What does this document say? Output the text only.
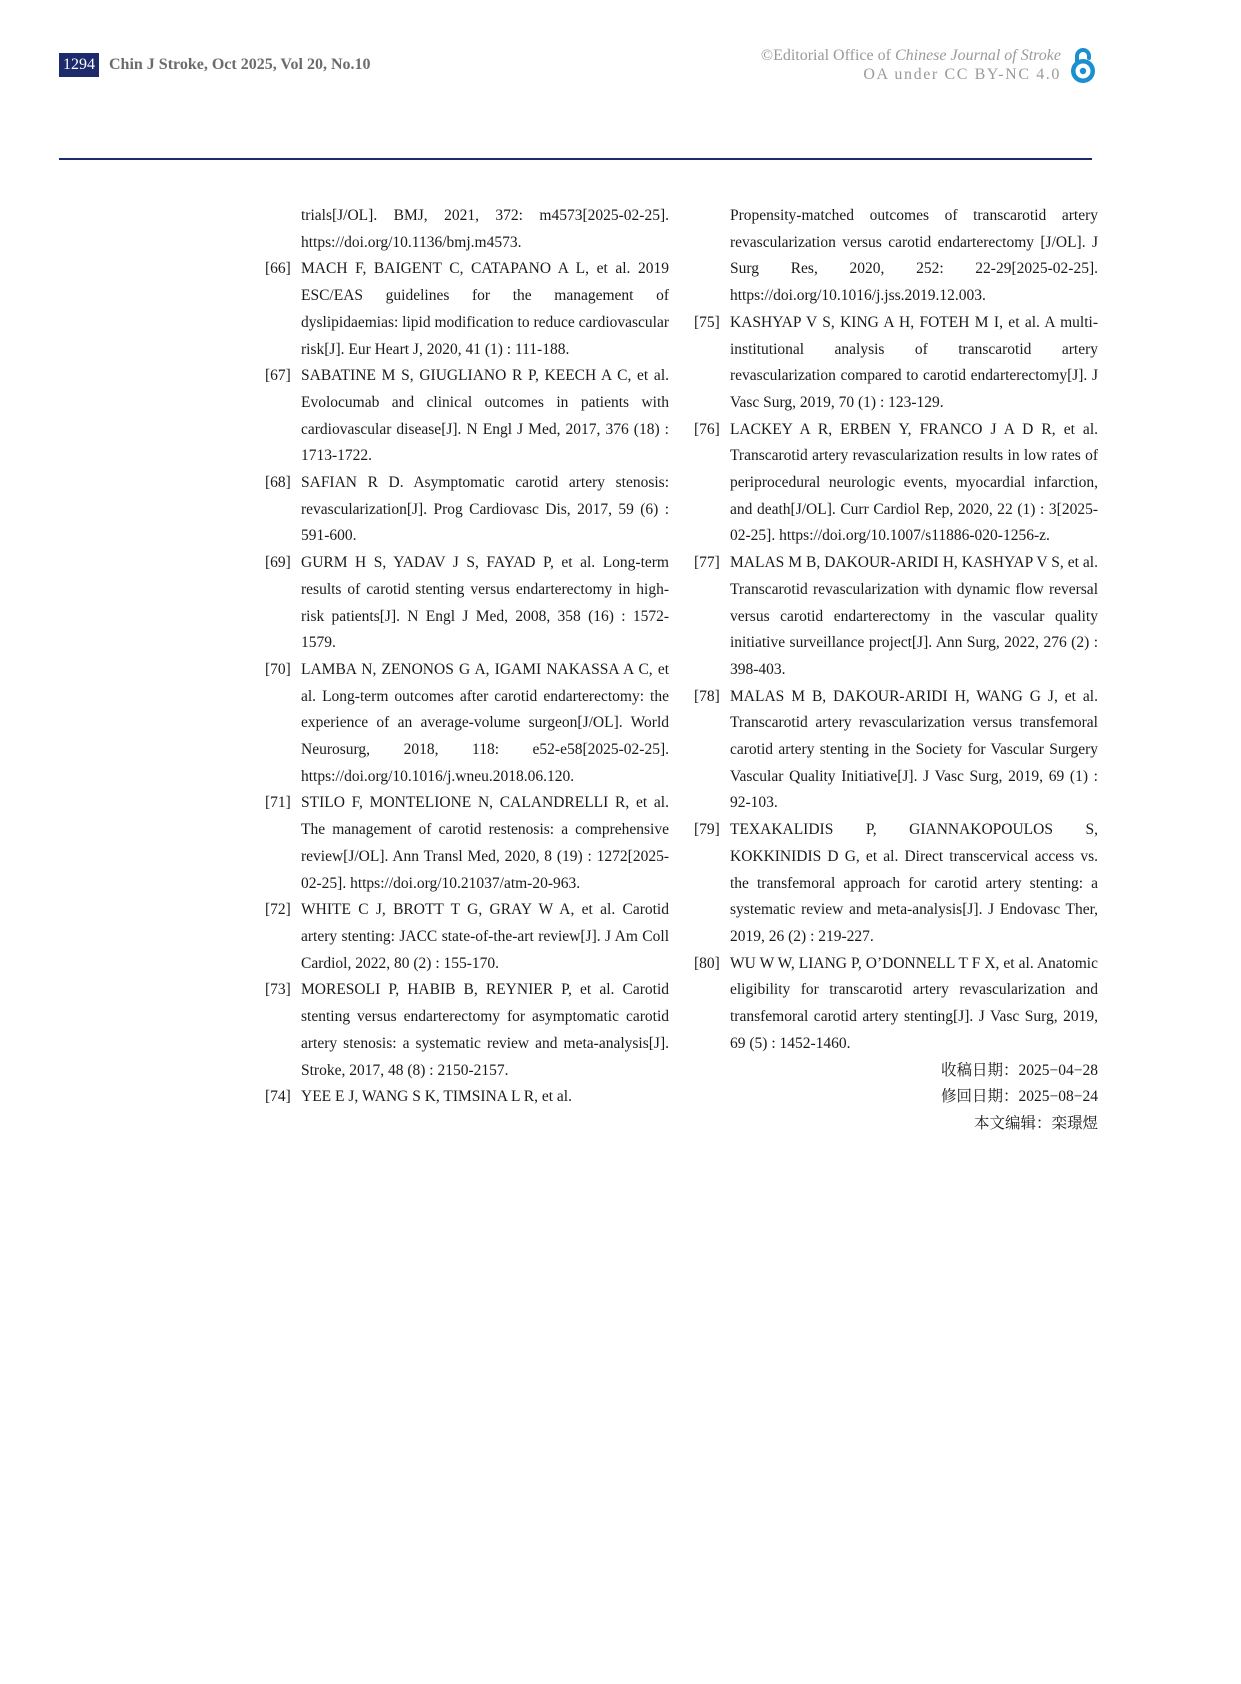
1294 Chin J Stroke, Oct 2025, Vol 20, No.10
©Editorial Office of Chinese Journal of Stroke
OA under CC BY-NC 4.0
trials[J/OL]. BMJ, 2021, 372: m4573[2025-02-25]. https://doi.org/10.1136/bmj.m4573.
[66] MACH F, BAIGENT C, CATAPANO A L, et al. 2019 ESC/EAS guidelines for the management of dyslipidaemias: lipid modification to reduce cardiovascular risk[J]. Eur Heart J, 2020, 41 (1) : 111-188.
[67] SABATINE M S, GIUGLIANO R P, KEECH A C, et al. Evolocumab and clinical outcomes in patients with cardiovascular disease[J]. N Engl J Med, 2017, 376 (18) : 1713-1722.
[68] SAFIAN R D. Asymptomatic carotid artery stenosis: revascularization[J]. Prog Cardiovasc Dis, 2017, 59 (6) : 591-600.
[69] GURM H S, YADAV J S, FAYAD P, et al. Long-term results of carotid stenting versus endarterectomy in high-risk patients[J]. N Engl J Med, 2008, 358 (16) : 1572-1579.
[70] LAMBA N, ZENONOS G A, IGAMI NAKASSA A C, et al. Long-term outcomes after carotid endarterectomy: the experience of an average-volume surgeon[J/OL]. World Neurosurg, 2018, 118: e52-e58[2025-02-25]. https://doi.org/10.1016/j.wneu.2018.06.120.
[71] STILO F, MONTELIONE N, CALANDRELLI R, et al. The management of carotid restenosis: a comprehensive review[J/OL]. Ann Transl Med, 2020, 8 (19) : 1272[2025-02-25]. https://doi.org/10.21037/atm-20-963.
[72] WHITE C J, BROTT T G, GRAY W A, et al. Carotid artery stenting: JACC state-of-the-art review[J]. J Am Coll Cardiol, 2022, 80 (2) : 155-170.
[73] MORESOLI P, HABIB B, REYNIER P, et al. Carotid stenting versus endarterectomy for asymptomatic carotid artery stenosis: a systematic review and meta-analysis[J]. Stroke, 2017, 48 (8) : 2150-2157.
[74] YEE E J, WANG S K, TIMSINA L R, et al.
Propensity-matched outcomes of transcarotid artery revascularization versus carotid endarterectomy [J/OL]. J Surg Res, 2020, 252: 22-29[2025-02-25]. https://doi.org/10.1016/j.jss.2019.12.003.
[75] KASHYAP V S, KING A H, FOTEH M I, et al. A multi-institutional analysis of transcarotid artery revascularization compared to carotid endarterectomy[J]. J Vasc Surg, 2019, 70 (1) : 123-129.
[76] LACKEY A R, ERBEN Y, FRANCO J A D R, et al. Transcarotid artery revascularization results in low rates of periprocedural neurologic events, myocardial infarction, and death[J/OL]. Curr Cardiol Rep, 2020, 22 (1) : 3[2025-02-25]. https://doi.org/10.1007/s11886-020-1256-z.
[77] MALAS M B, DAKOUR-ARIDI H, KASHYAP V S, et al. Transcarotid revascularization with dynamic flow reversal versus carotid endarterectomy in the vascular quality initiative surveillance project[J]. Ann Surg, 2022, 276 (2) : 398-403.
[78] MALAS M B, DAKOUR-ARIDI H, WANG G J, et al. Transcarotid artery revascularization versus transfemoral carotid artery stenting in the Society for Vascular Surgery Vascular Quality Initiative[J]. J Vasc Surg, 2019, 69 (1) : 92-103.
[79] TEXAKALIDIS P, GIANNAKOPOULOS S, KOKKINIDIS D G, et al. Direct transcervical access vs. the transfemoral approach for carotid artery stenting: a systematic review and meta-analysis[J]. J Endovasc Ther, 2019, 26 (2) : 219-227.
[80] WU W W, LIANG P, O’DONNELL T F X, et al. Anatomic eligibility for transcarotid artery revascularization and transfemoral carotid artery stenting[J]. J Vasc Surg, 2019, 69 (5) : 1452-1460.
收稿日期：2025−04−28
修回日期：2025−08−24
本文编辑：栾璟煜
